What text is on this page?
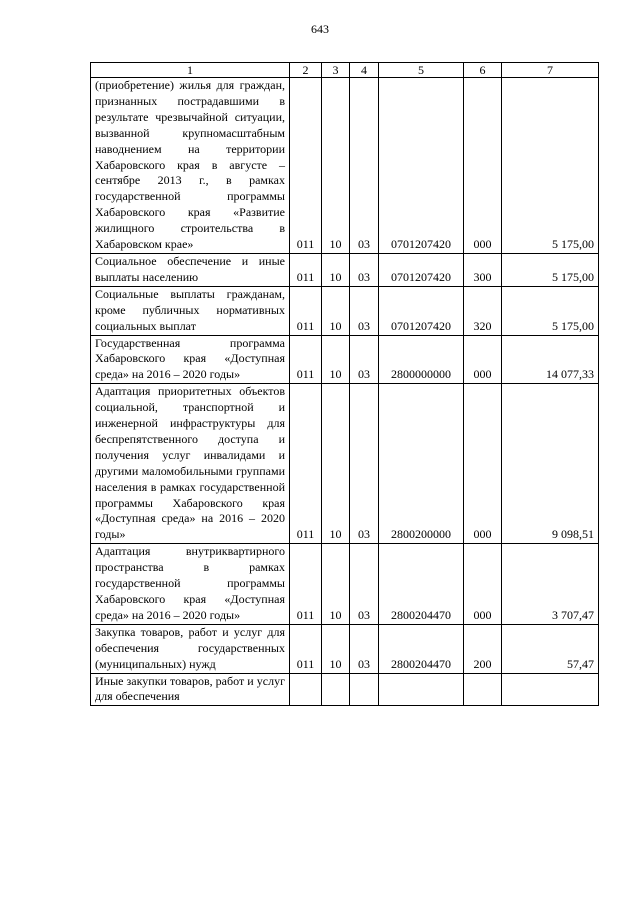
643
1	2	3	4	5	6	7
(приобретение) жилья для граждан, признанных пострадавшими в результате чрезвычайной ситуации, вызванной крупномасштабным наводнением на территории Хабаровского края в августе – сентябре 2013 г., в рамках государственной программы Хабаровского края «Развитие жилищного строительства в Хабаровском крае»	011	10	03	0701207420	000	5 175,00
Социальное обеспечение и иные выплаты населению	011	10	03	0701207420	300	5 175,00
Социальные выплаты гражданам, кроме публичных нормативных социальных выплат	011	10	03	0701207420	320	5 175,00
Государственная программа Хабаровского края «Доступная среда» на 2016 – 2020 годы»	011	10	03	2800000000	000	14 077,33
Адаптация приоритетных объектов социальной, транспортной и инженерной инфраструктуры для беспрепятственного доступа и получения услуг инвалидами и другими маломобильными группами населения в рамках государственной программы Хабаровского края «Доступная среда» на 2016 – 2020 годы»	011	10	03	2800200000	000	9 098,51
Адаптация внутриквартирного пространства в рамках государственной программы Хабаровского края «Доступная среда» на 2016 – 2020 годы»	011	10	03	2800204470	000	3 707,47
Закупка товаров, работ и услуг для обеспечения государственных (муниципальных) нужд	011	10	03	2800204470	200	57,47
Иные закупки товаров, работ и услуг для обеспечения						
